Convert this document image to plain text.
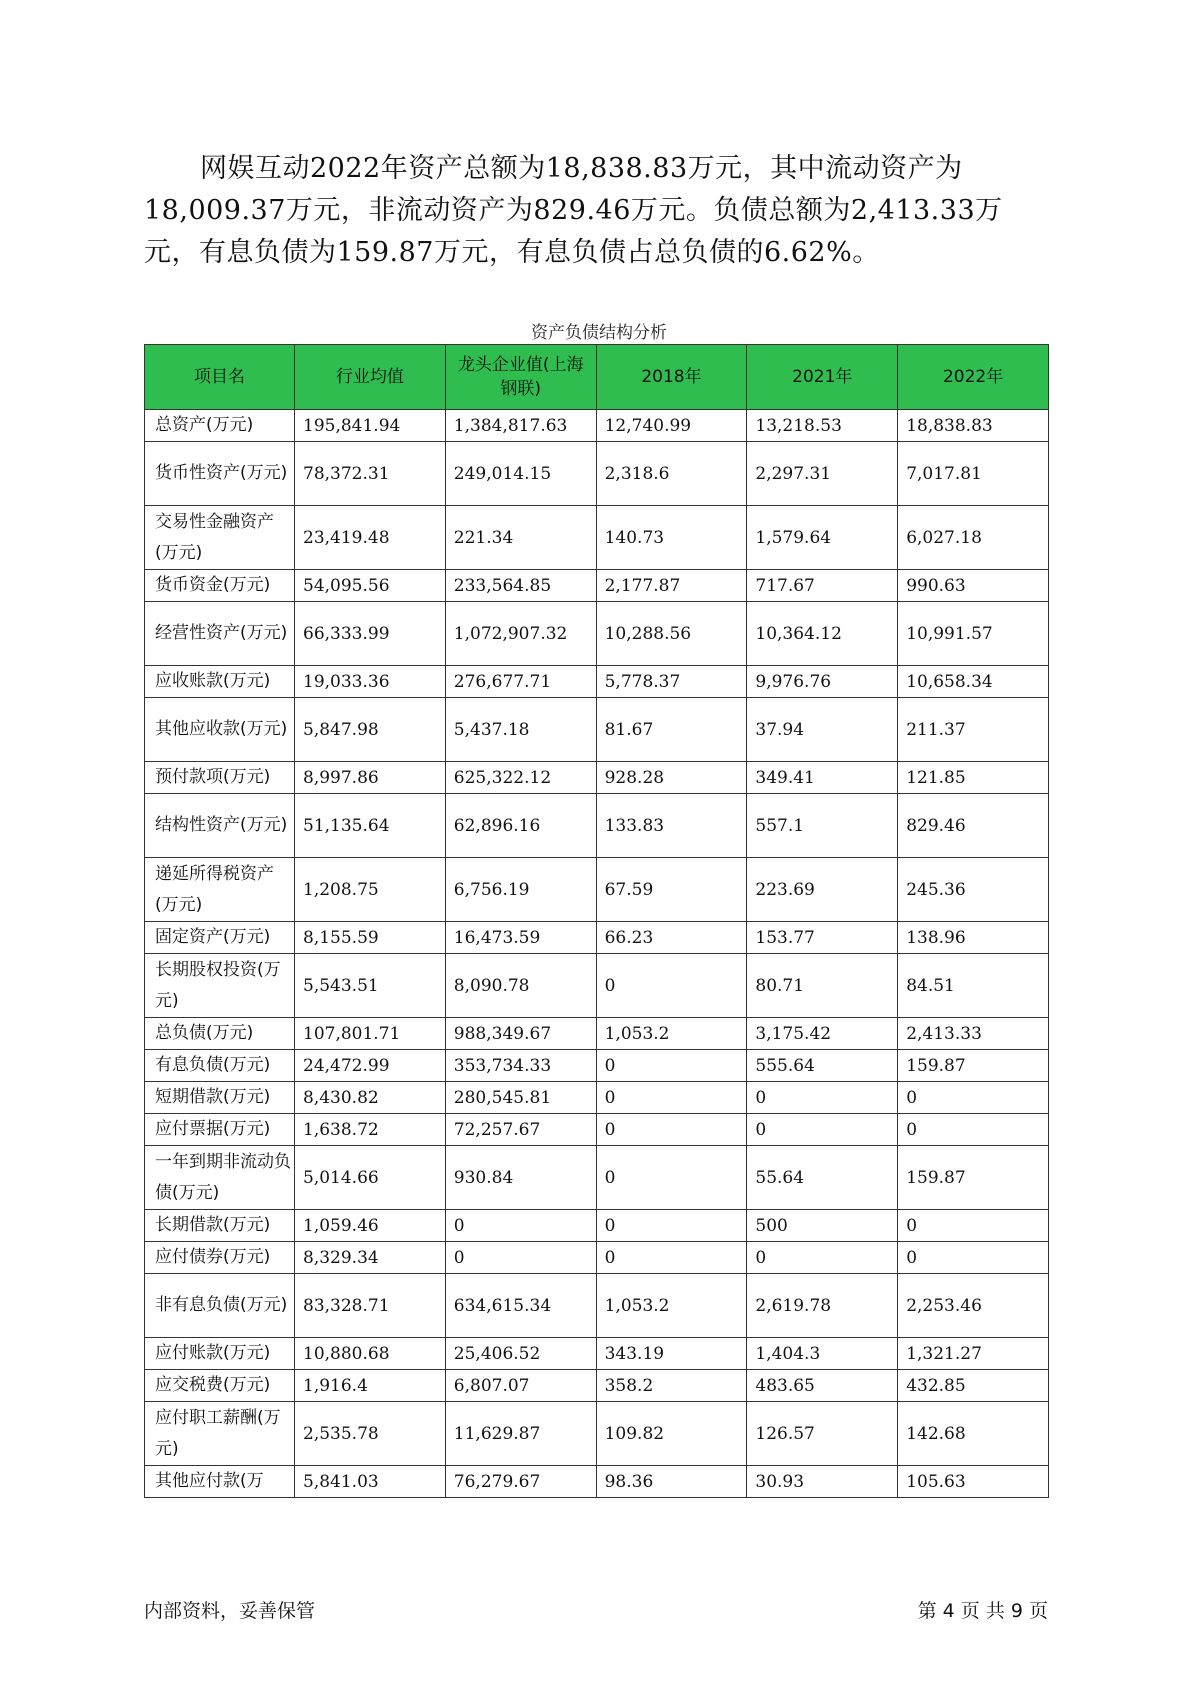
网娱互动2022年资产总额为18,838.83万元，其中流动资产为18,009.37万元，非流动资产为829.46万元。负债总额为2,413.33万元，有息负债为159.87万元，有息负债占总负债的6.62%。
资产负债结构分析
项目名	行业均值	龙头企业值(上海钢联)	2018年	2021年	2022年
总资产(万元)	195,841.94	1,384,817.63	12,740.99	13,218.53	18,838.83
货币性资产(万元)	78,372.31	249,014.15	2,318.6	2,297.31	7,017.81
交易性金融资产(万元)	23,419.48	221.34	140.73	1,579.64	6,027.18
货币资金(万元)	54,095.56	233,564.85	2,177.87	717.67	990.63
经营性资产(万元)	66,333.99	1,072,907.32	10,288.56	10,364.12	10,991.57
应收账款(万元)	19,033.36	276,677.71	5,778.37	9,976.76	10,658.34
其他应收款(万元)	5,847.98	5,437.18	81.67	37.94	211.37
预付款项(万元)	8,997.86	625,322.12	928.28	349.41	121.85
结构性资产(万元)	51,135.64	62,896.16	133.83	557.1	829.46
递延所得税资产(万元)	1,208.75	6,756.19	67.59	223.69	245.36
固定资产(万元)	8,155.59	16,473.59	66.23	153.77	138.96
长期股权投资(万元)	5,543.51	8,090.78	0	80.71	84.51
总负债(万元)	107,801.71	988,349.67	1,053.2	3,175.42	2,413.33
有息负债(万元)	24,472.99	353,734.33	0	555.64	159.87
短期借款(万元)	8,430.82	280,545.81	0	0	0
应付票据(万元)	1,638.72	72,257.67	0	0	0
一年到期非流动负债(万元)	5,014.66	930.84	0	55.64	159.87
长期借款(万元)	1,059.46	0	0	500	0
应付债券(万元)	8,329.34	0	0	0	0
非有息负债(万元)	83,328.71	634,615.34	1,053.2	2,619.78	2,253.46
应付账款(万元)	10,880.68	25,406.52	343.19	1,404.3	1,321.27
应交税费(万元)	1,916.4	6,807.07	358.2	483.65	432.85
应付职工薪酬(万元)	2,535.78	11,629.87	109.82	126.57	142.68
其他应付款(万	5,841.03	76,279.67	98.36	30.93	105.63
内部资料，妥善保管	第 4 页 共 9 页
